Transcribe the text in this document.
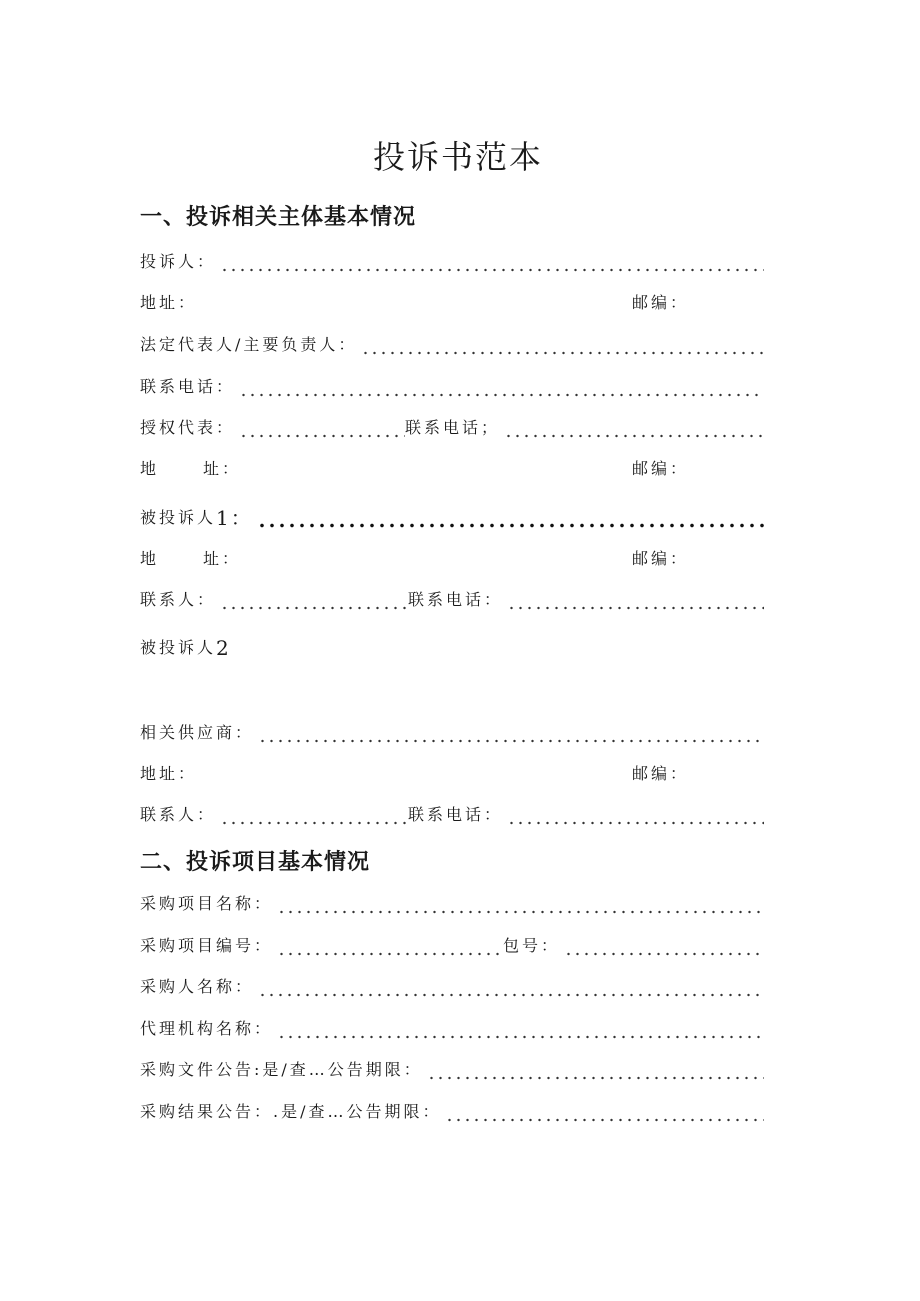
投诉书范本
一、投诉相关主体基本情况
投诉人：
地址：	邮编：
法定代表人/主要负责人：
联系电话：
授权代表：	联系电话；
地	址：	邮编：
被投诉人 1：
地	址：	邮编：
联系人：	联系电话：
被投诉人 2
相关供应商：
地址：	邮编：
联系人：	联系电话：
二、投诉项目基本情况
采购项目名称：
采购项目编号：	包号：
采购人名称：
代理机构名称：
采购文件公告:是/查…公告期限：
采购结果公告：.是/查…公告期限：
